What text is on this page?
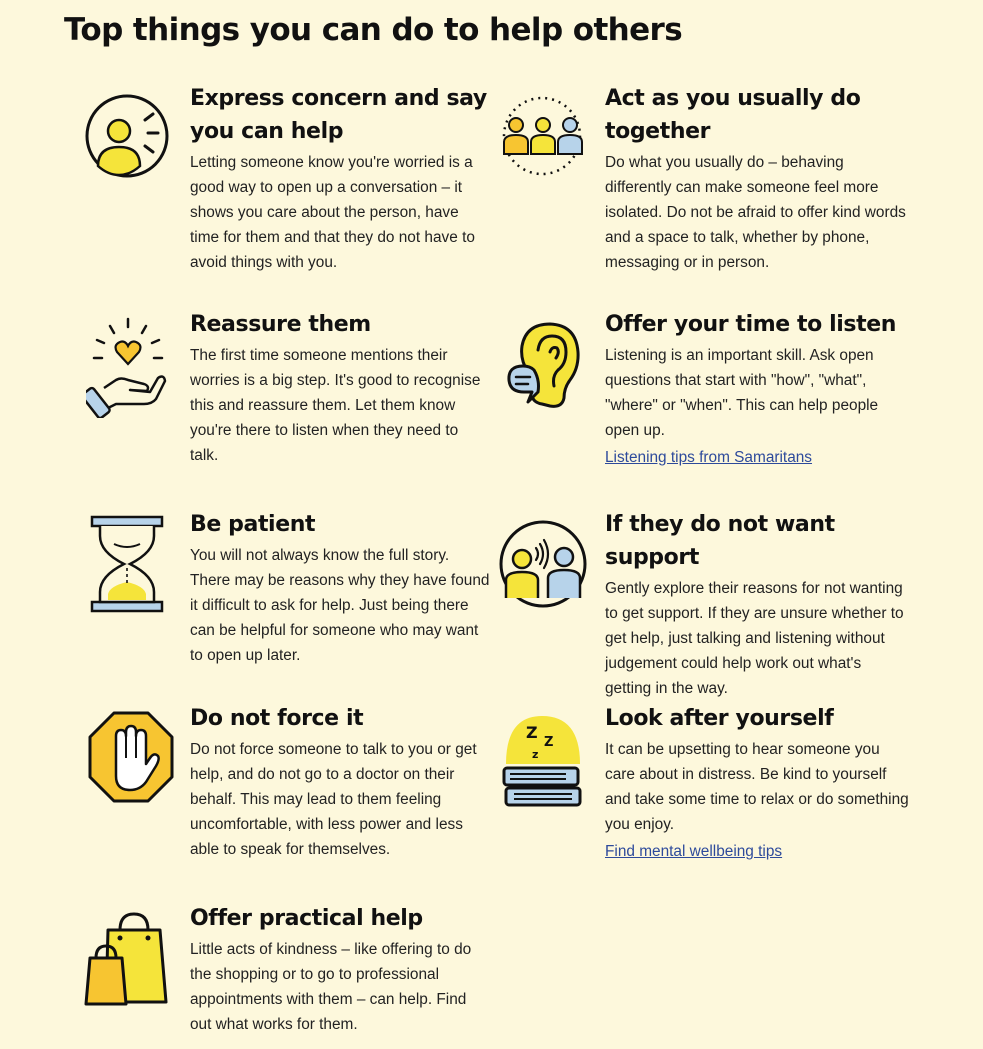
Top things you can do to help others
Express concern and say you can help

Letting someone know you're worried is a good way to open up a conversation – it shows you care about the person, have time for them and that they do not have to avoid things with you.

Act as you usually do together

Do what you usually do – behaving differently can make someone feel more isolated. Do not be afraid to offer kind words and a space to talk, whether by phone, messaging or in person.

Reassure them

The first time someone mentions their worries is a big step. It's good to recognise this and reassure them. Let them know you're there to listen when they need to talk.

Offer your time to listen

Listening is an important skill. Ask open questions that start with "how", "what", "where" or "when". This can help people open up.

Listening tips from Samaritans
Be patient

You will not always know the full story. There may be reasons why they have found it difficult to ask for help. Just being there can be helpful for someone who may want to open up later.

If they do not want support

Gently explore their reasons for not wanting to get support. If they are unsure whether to get help, just talking and listening without judgement could help work out what's getting in the way.

Do not force it

Do not force someone to talk to you or get help, and do not go to a doctor on their behalf. This may lead to them feeling uncomfortable, with less power and less able to speak for themselves.

Z
Z
z
Look after yourself

It can be upsetting to hear someone you care about in distress. Be kind to yourself and take some time to relax or do something you enjoy.

Find mental wellbeing tips
Offer practical help

Little acts of kindness – like offering to do the shopping or to go to professional appointments with them – can help. Find out what works for them.
